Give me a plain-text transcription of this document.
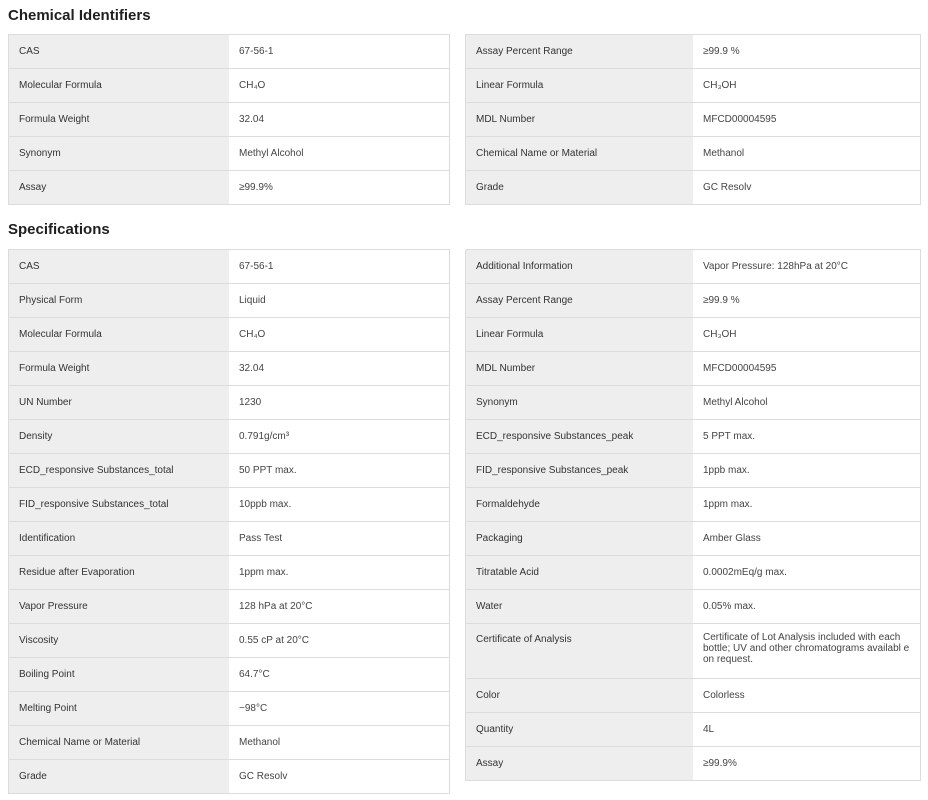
Chemical Identifiers
CAS	67-56-1
Molecular Formula	CH₄O
Formula Weight	32.04
Synonym	Methyl Alcohol
Assay	≥99.9%
Assay Percent Range	≥99.9 %
Linear Formula	CH₃OH
MDL Number	MFCD00004595
Chemical Name or Material	Methanol
Grade	GC Resolv
Specifications
CAS	67-56-1
Physical Form	Liquid
Molecular Formula	CH₄O
Formula Weight	32.04
UN Number	1230
Density	0.791g/cm³
ECD_responsive Substances_total	50 PPT max.
FID_responsive Substances_total	10ppb max.
Identification	Pass Test
Residue after Evaporation	1ppm max.
Vapor Pressure	128 hPa at 20°C
Viscosity	0.55 cP at 20°C
Boiling Point	64.7°C
Melting Point	−98°C
Chemical Name or Material	Methanol
Grade	GC Resolv
Additional Information	Vapor Pressure: 128hPa at 20°C
Assay Percent Range	≥99.9 %
Linear Formula	CH₃OH
MDL Number	MFCD00004595
Synonym	Methyl Alcohol
ECD_responsive Substances_peak	5 PPT max.
FID_responsive Substances_peak	1ppb max.
Formaldehyde	1ppm max.
Packaging	Amber Glass
Titratable Acid	0.0002mEq/g max.
Water	0.05% max.
Certificate of Analysis	Certificate of Lot Analysis included with each bottle; UV and other chromatograms availabl e on request.
Color	Colorless
Quantity	4L
Assay	≥99.9%
